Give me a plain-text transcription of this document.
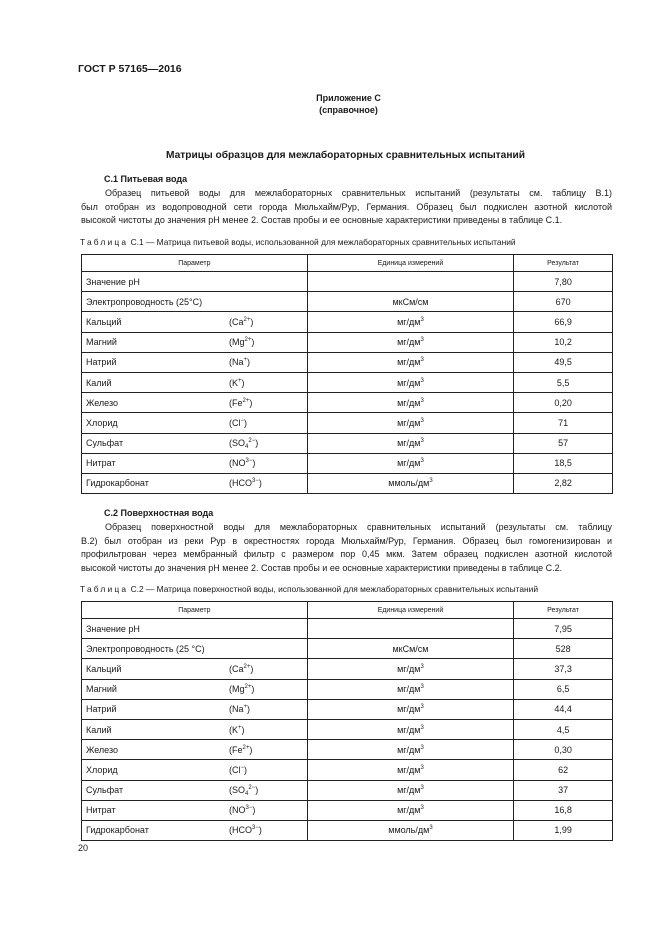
ГОСТ Р 57165—2016
Приложение С
(справочное)
Матрицы образцов для межлабораторных сравнительных испытаний
С.1 Питьевая вода

Образец питьевой воды для межлабораторных сравнительных испытаний (результаты см. таблицу В.1)
был отобран из водопроводной сети города Мюльхайм/Рур, Германия. Образец был подкислен азотной кислотой
высокой чистоты до значения рН менее 2. Состав пробы и ее основные характеристики приведены в таблице С.1.

Таблица С.1 — Матрица питьевой воды, использованной для межлабораторных сравнительных испытаний
Параметр	Единица измерений	Результат
Значение рН		7,80
Электропроводность (25°C)	мкСм/см	670
Кальций $(Ca^{2+})$	$мг/дм^3$	66,9
Магний $(Mg^{2+})$	$мг/дм^3$	10,2
Натрий (Na+)	$мг/дм^3$	49,5
Калий (K+)	$мг/дм^3$	5,5
Железо $(Fe^{2+})$	$мг/дм^3$	0,20
Хлорид (Cl−)	$мг/дм^3$	71
Сульфат $(SO_4^{2-})$	$мг/дм^3$	57
Нитрат $(NO^{3-})$	$мг/дм^3$	18,5
Гидрокарбонат $(HCO^{3-})$	ммоль/$дм^3$	2,82
С.2 Поверхностная вода

Образец поверхностной воды для межлабораторных сравнительных испытаний (результаты см. таблицу
В.2) был отобран из реки Рур в окрестностях города Мюльхайм/Рур, Германия. Образец был гомогенизирован и
профильтрован через мембранный фильтр с размером пор 0,45 мкм. Затем образец подкислен азотной кислотой
высокой чистоты до значения рН менее 2. Состав пробы и ее основные характеристики приведены в таблице С.2.

Таблица С.2 — Матрица поверхностной воды, использованной для межлабораторных сравнительных испытаний
Параметр	Единица измерений	Результат
Значение рН		7,95
Электропроводность (25 °C)	мкСм/см	528
Кальций $(Ca^{2+})$	$мг/дм^3$	37,3
Магний $(Mg^{2+})$	$мг/дм^3$	6,5
Натрий (Na+)	$мг/дм^3$	44,4
Калий (K+)	$мг/дм^3$	4,5
Железо $(Fe^{2+})$	$мг/дм^3$	0,30
Хлорид (Cl−)	$мг/дм^3$	62
Сульфат $(SO_4^{2-})$	$мг/дм^3$	37
Нитрат $(NO^{3-})$	$мг/дм^3$	16,8
Гидрокарбонат $(HCO^{3-})$	ммоль/$дм^3$	1,99
20
